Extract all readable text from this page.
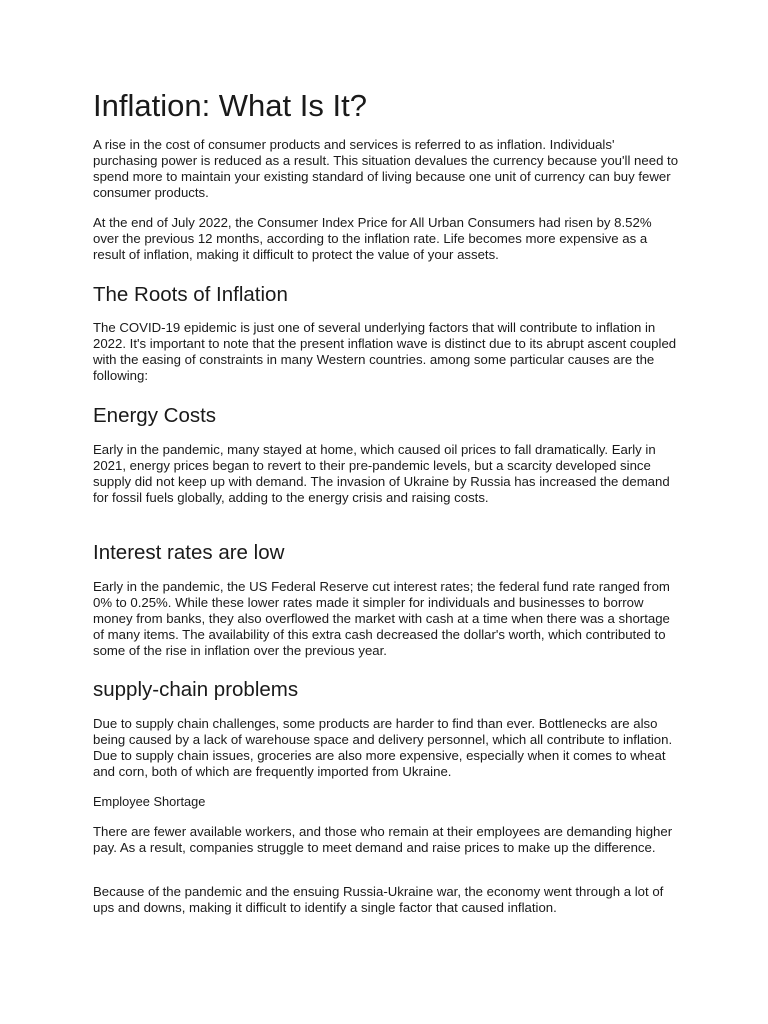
Inflation: What Is It?

A rise in the cost of consumer products and services is referred to as inflation. Individuals' purchasing power is reduced as a result. This situation devalues the currency because you'll need to spend more to maintain your existing standard of living because one unit of currency can buy fewer consumer products.

At the end of July 2022, the Consumer Index Price for All Urban Consumers had risen by 8.52% over the previous 12 months, according to the inflation rate. Life becomes more expensive as a result of inflation, making it difficult to protect the value of your assets.

The Roots of Inflation

The COVID-19 epidemic is just one of several underlying factors that will contribute to inflation in 2022. It's important to note that the present inflation wave is distinct due to its abrupt ascent coupled with the easing of constraints in many Western countries. among some particular causes are the following:

Energy Costs

Early in the pandemic, many stayed at home, which caused oil prices to fall dramatically. Early in 2021, energy prices began to revert to their pre-pandemic levels, but a scarcity developed since supply did not keep up with demand. The invasion of Ukraine by Russia has increased the demand for fossil fuels globally, adding to the energy crisis and raising costs.

Interest rates are low

Early in the pandemic, the US Federal Reserve cut interest rates; the federal fund rate ranged from 0% to 0.25%. While these lower rates made it simpler for individuals and businesses to borrow money from banks, they also overflowed the market with cash at a time when there was a shortage of many items. The availability of this extra cash decreased the dollar's worth, which contributed to some of the rise in inflation over the previous year.

supply-chain problems

Due to supply chain challenges, some products are harder to find than ever. Bottlenecks are also being caused by a lack of warehouse space and delivery personnel, which all contribute to inflation. Due to supply chain issues, groceries are also more expensive, especially when it comes to wheat and corn, both of which are frequently imported from Ukraine.

Employee Shortage

There are fewer available workers, and those who remain at their employees are demanding higher pay. As a result, companies struggle to meet demand and raise prices to make up the difference.

Because of the pandemic and the ensuing Russia-Ukraine war, the economy went through a lot of ups and downs, making it difficult to identify a single factor that caused inflation.
